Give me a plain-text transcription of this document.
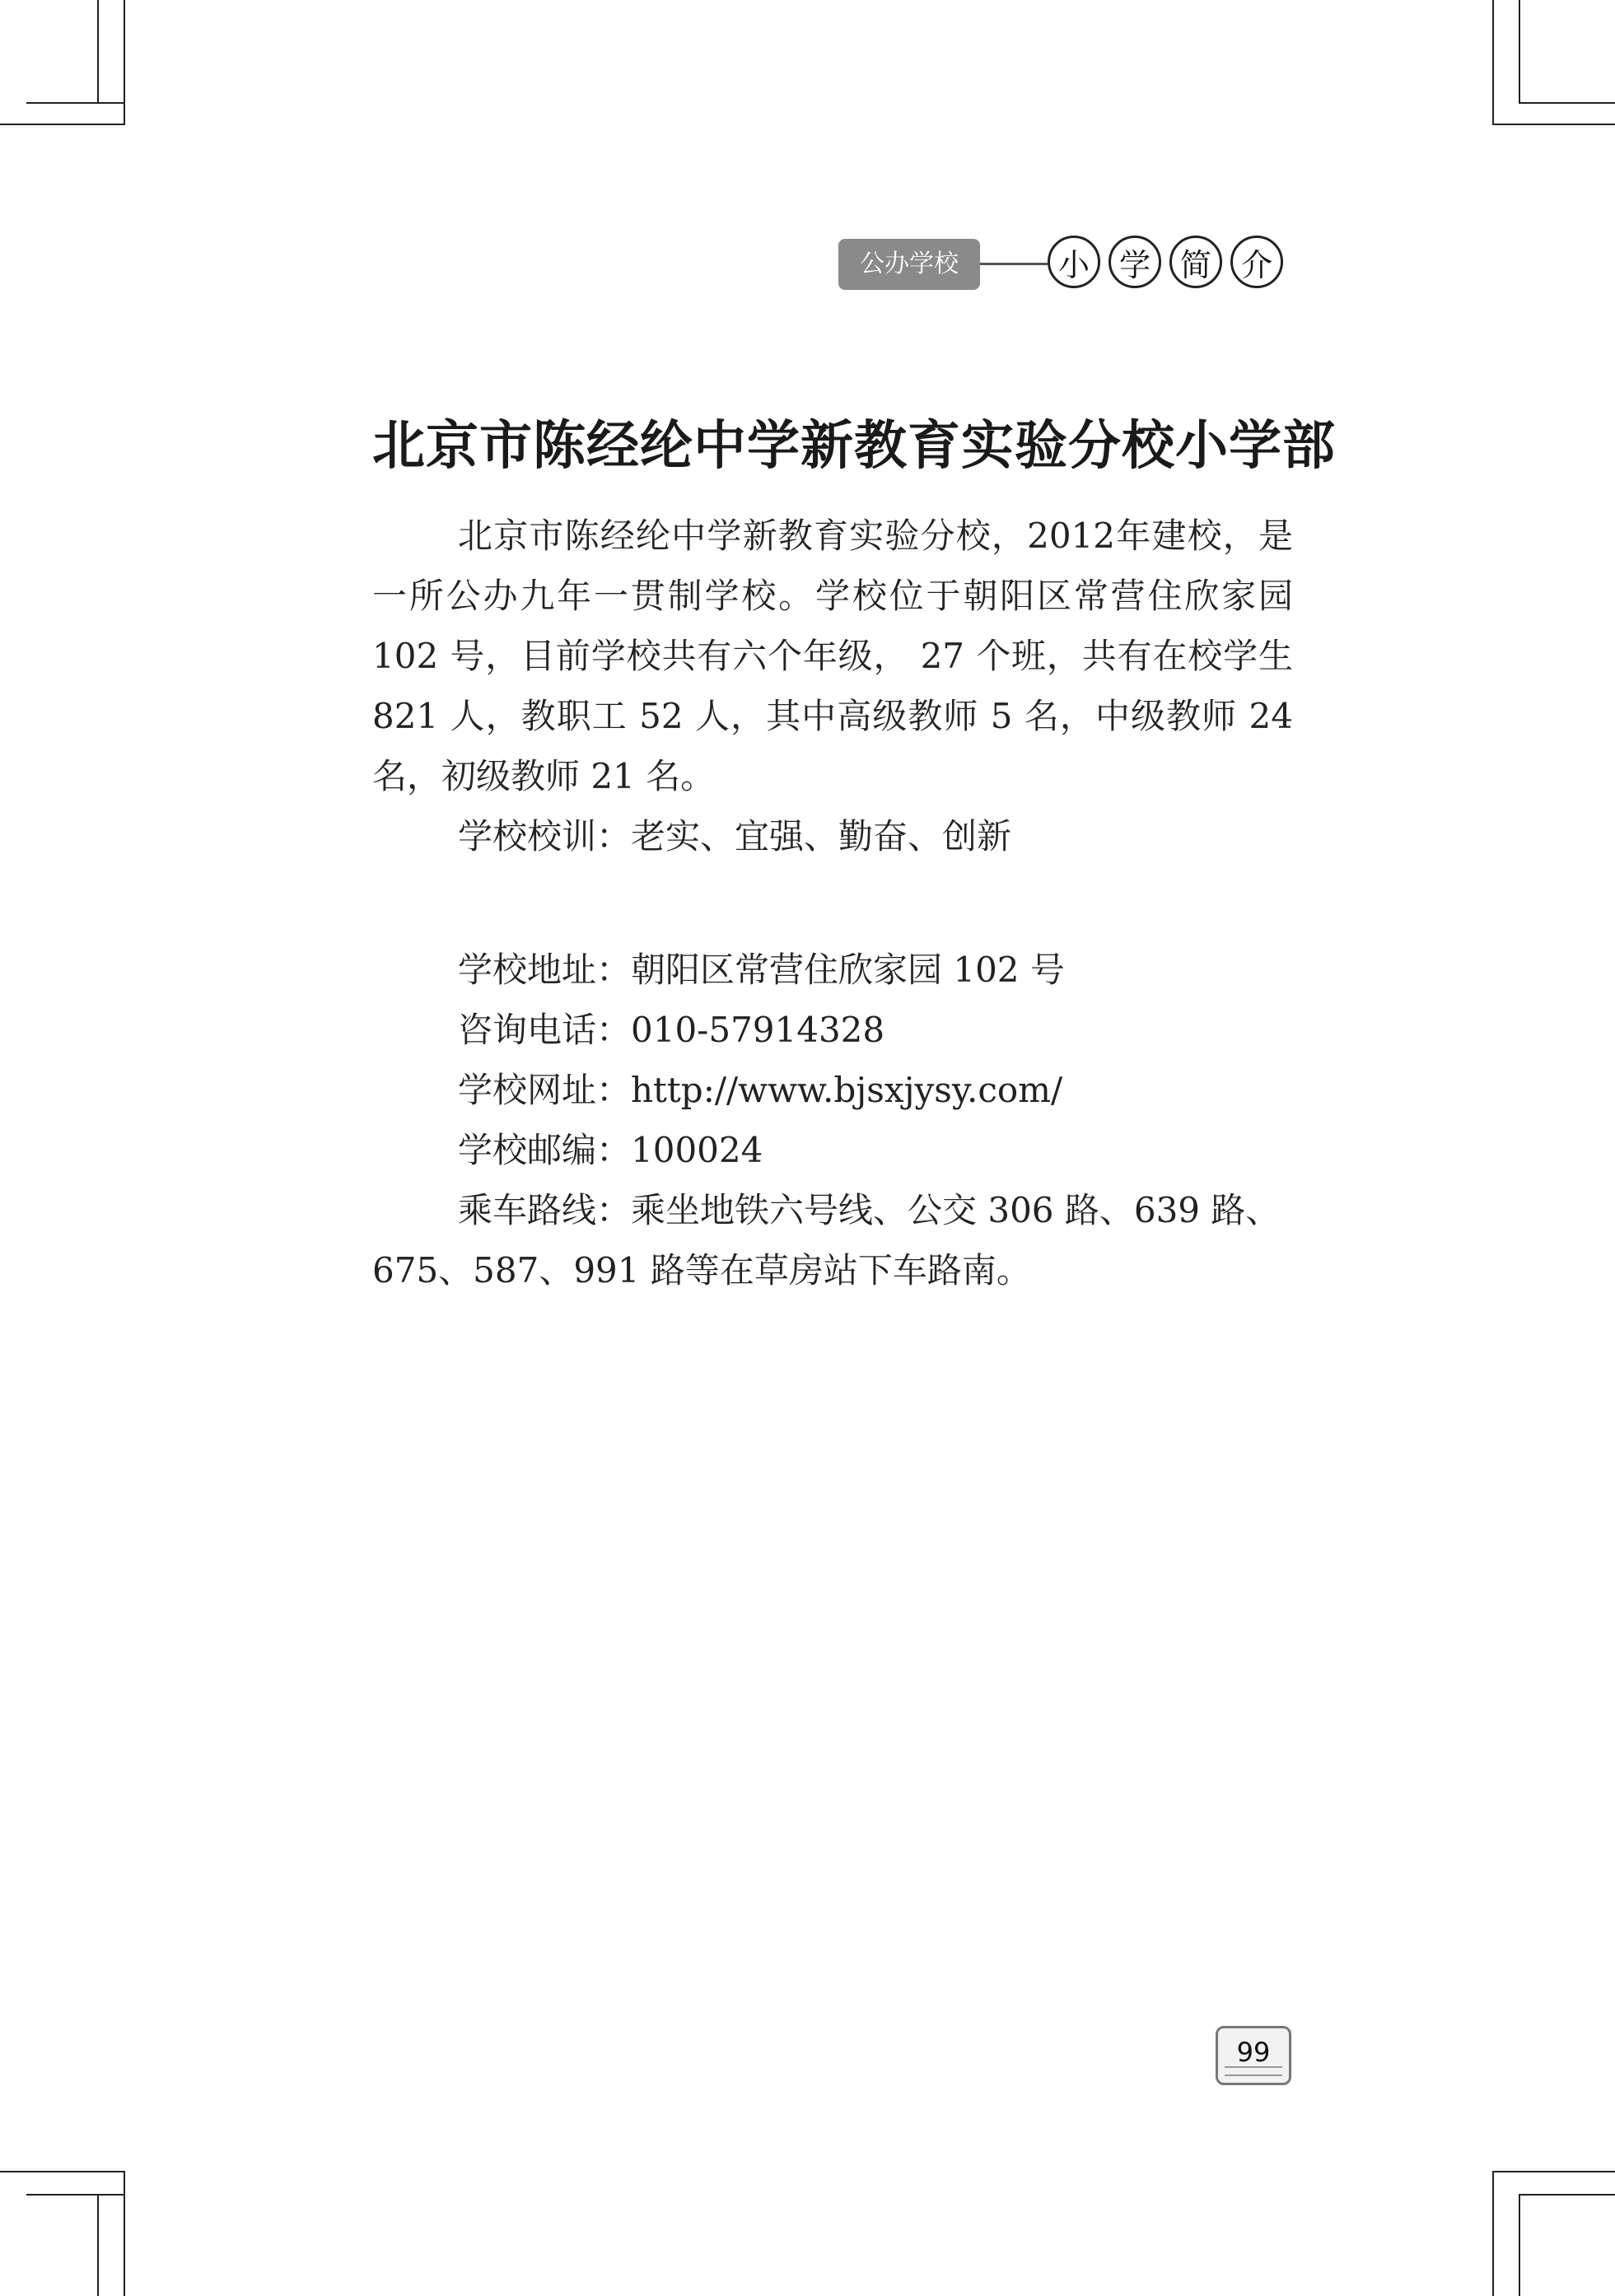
公办学校	小 学 简 介
北京市陈经纶中学新教育实验分校小学部

北京市陈经纶中学新教育实验分校，2012年建校，是一所公办九年一贯制学校。学校位于朝阳区常营住欣家园 102 号，目前学校共有六个年级， 27 个班，共有在校学生 821 人，教职工 52 人，其中高级教师 5 名，中级教师 24 名，初级教师 21 名。

学校校训：老实、宜强、勤奋、创新

学校地址：朝阳区常营住欣家园 102 号

咨询电话：010-57914328

学校网址：http://www.bjsxjysy.com/

学校邮编：100024

乘车路线：乘坐地铁六号线、公交 306 路、639 路、675、587、991 路等在草房站下车路南。

99
